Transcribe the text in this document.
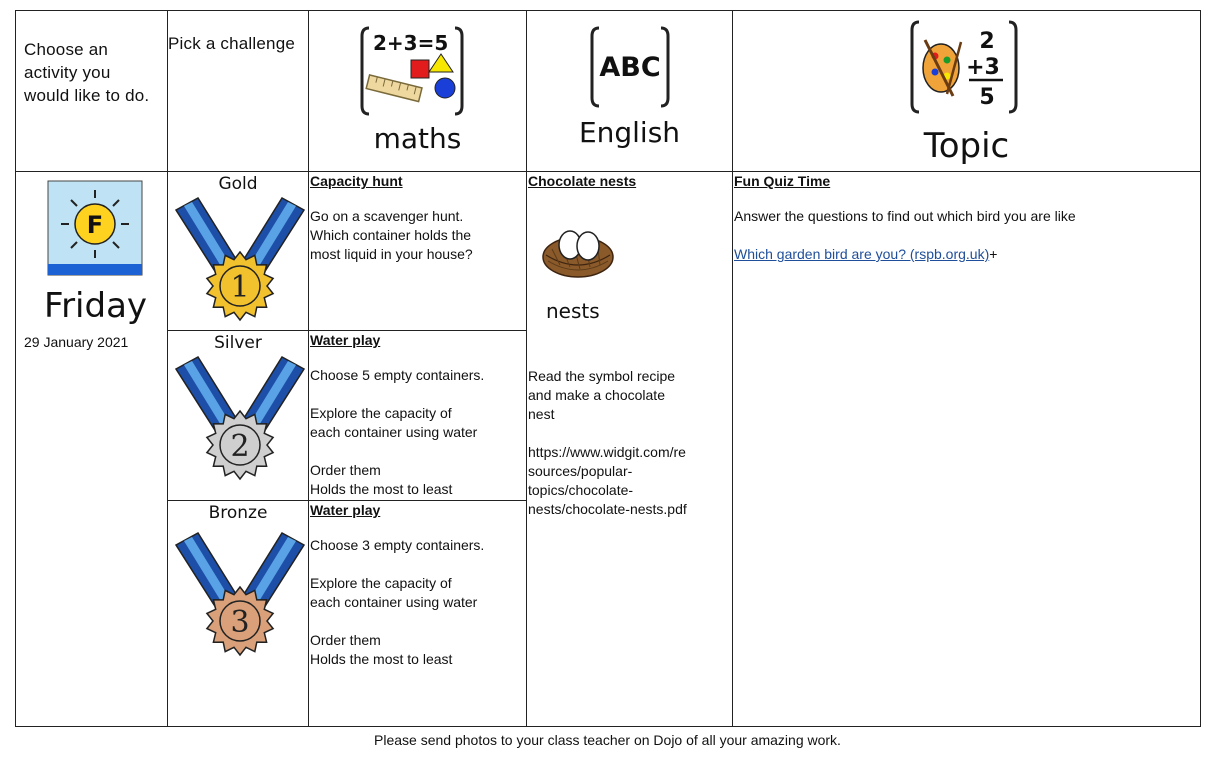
Choose an activity you would like to do.
Pick a challenge	2+3=5
maths
ABC
English
2
+3
5
Topic
F
Friday
29 January 2021
Gold
1
Silver
2
Bronze
3
Capacity hunt
Go on a scavenger hunt.
Which container holds the
most liquid in your house?
Water play
Choose 5 empty containers.
Explore the capacity of
each container using water
Order them
Holds the most to least
Water play
Choose 3 empty containers.
Explore the capacity of
each container using water
Order them
Holds the most to least
Chocolate nests
nests
Read the symbol recipe
and make a chocolate
nest
https://www.widgit.com/re
sources/popular-
topics/chocolate-
nests/chocolate-nests.pdf
Fun Quiz Time
Answer the questions to find out which bird you are like
Which garden bird are you? (rspb.org.uk)+
Please send photos to your class teacher on Dojo of all your amazing work.
